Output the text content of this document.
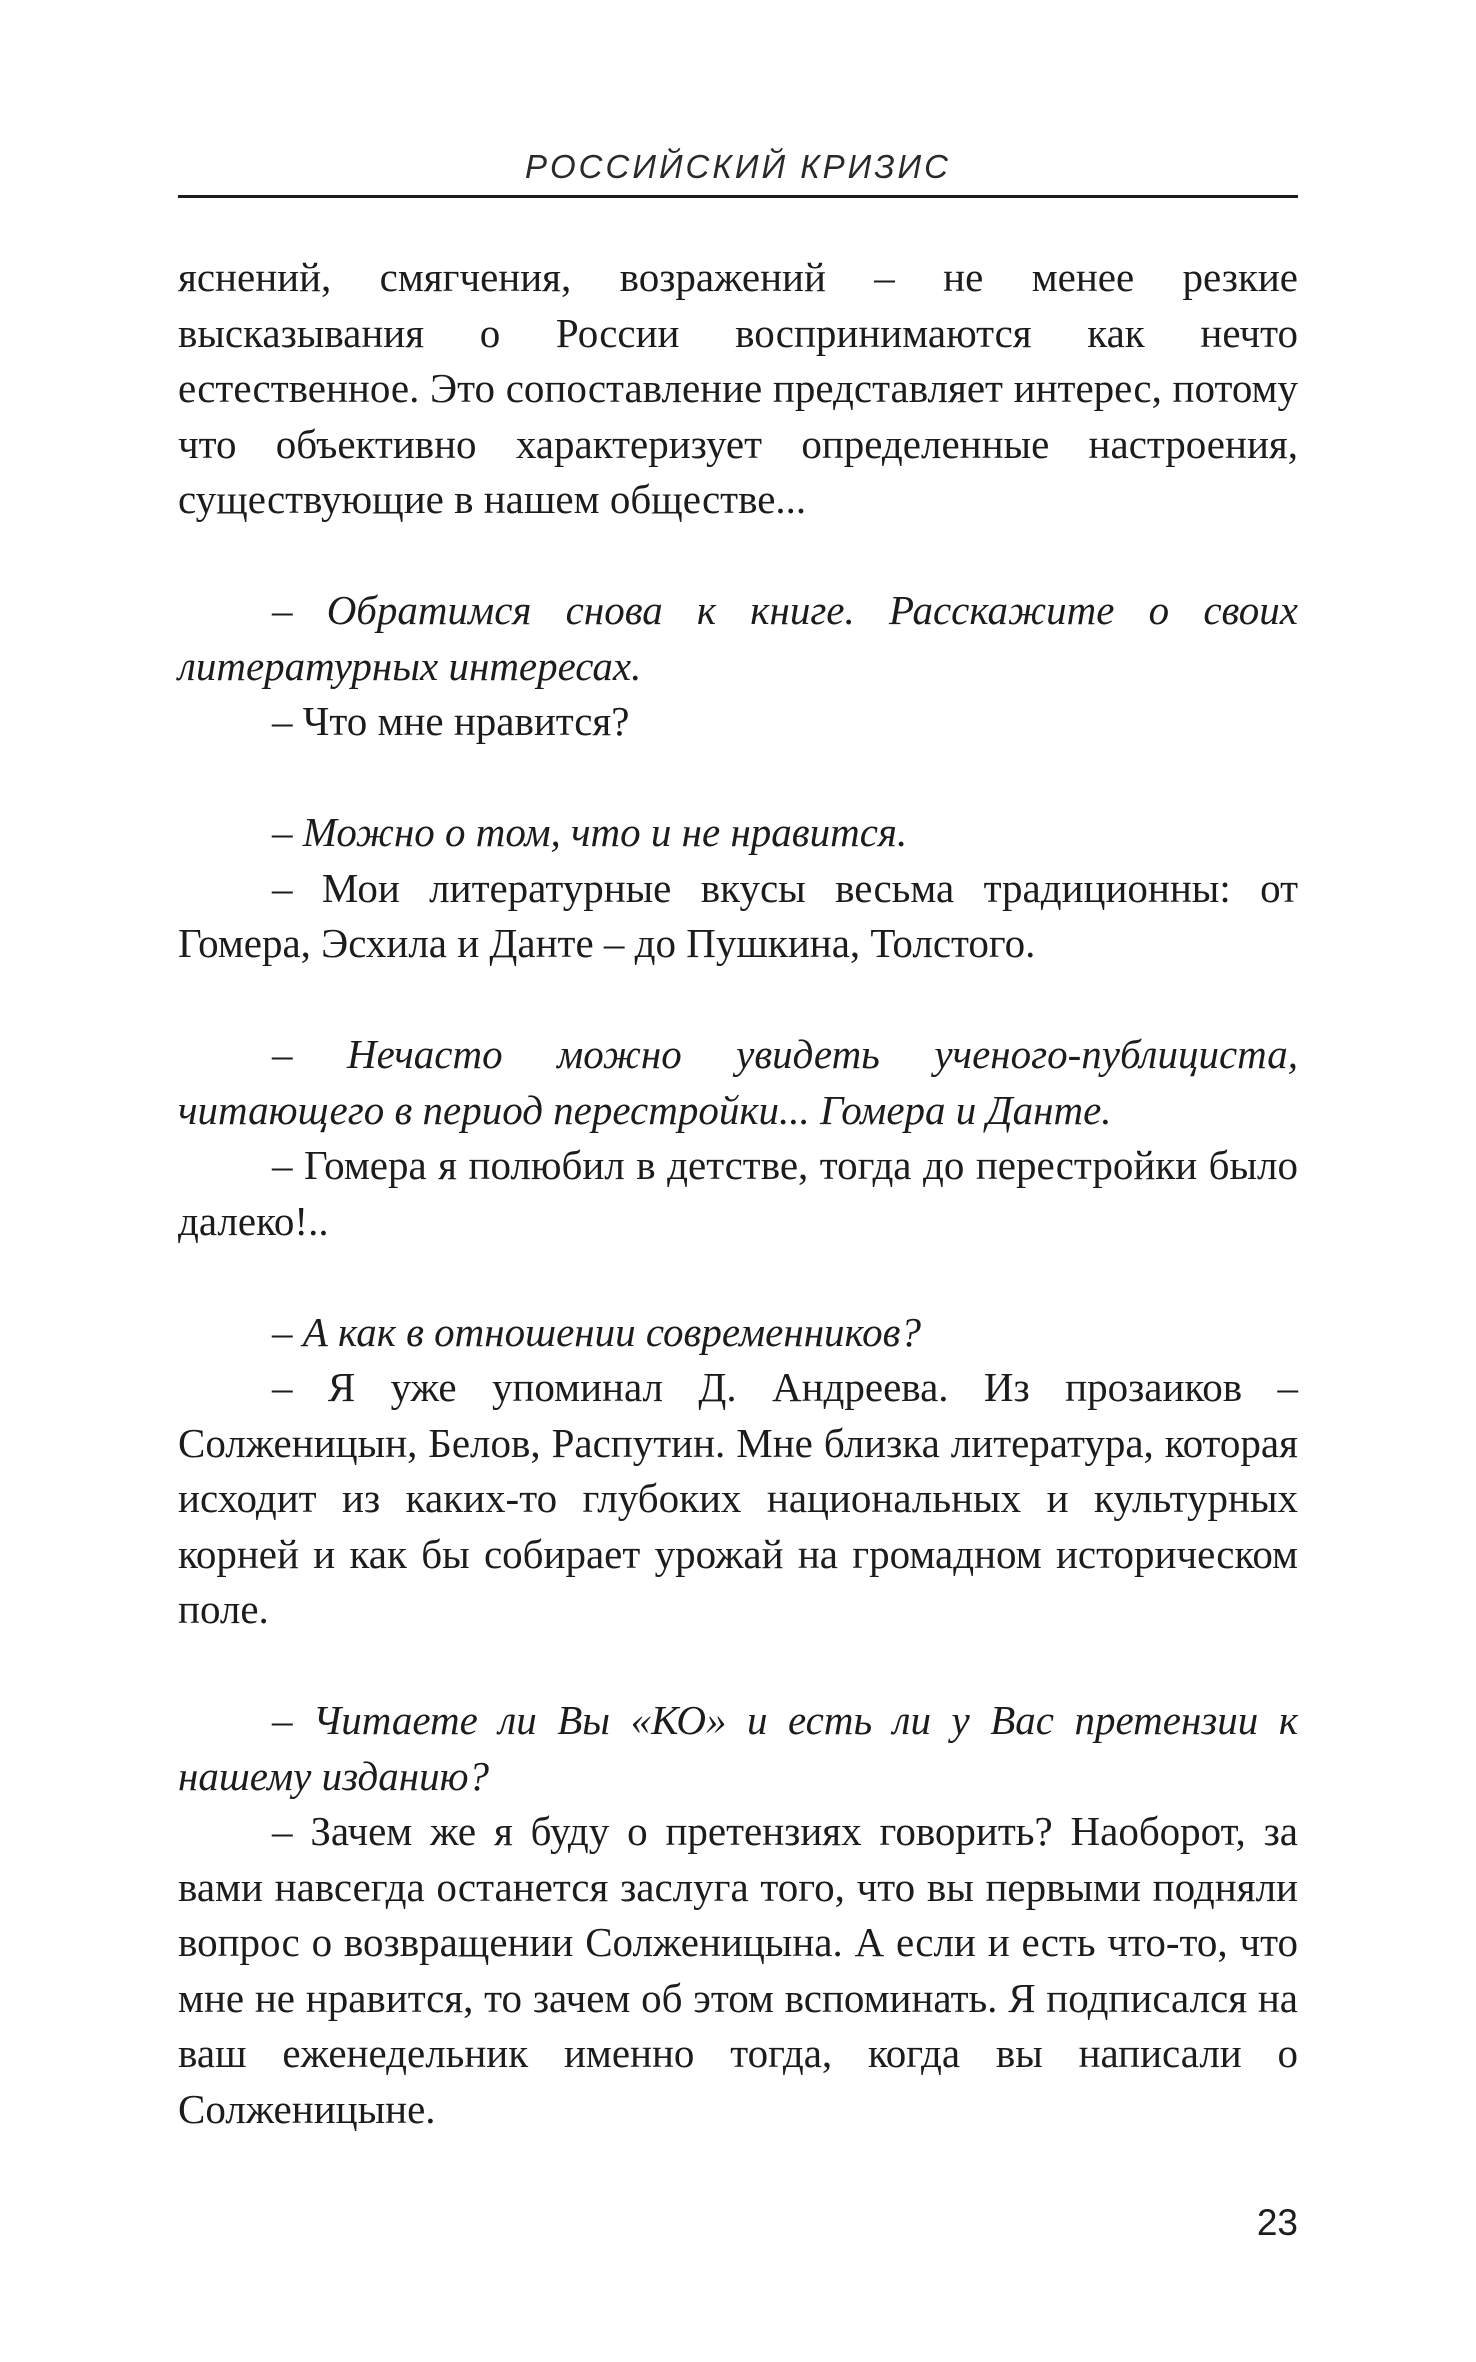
РОССИЙСКИЙ КРИЗИС

яснений, смягчения, возражений – не менее резкие высказывания о России воспринимаются как нечто естественное. Это сопоставление представляет интерес, потому что объективно характеризует определенные настроения, существующие в нашем обществе...

– Обратимся снова к книге. Расскажите о своих литературных интересах.

– Что мне нравится?

– Можно о том, что и не нравится.

– Мои литературные вкусы весьма традиционны: от Гомера, Эсхила и Данте – до Пушкина, Толстого.

– Нечасто можно увидеть ученого-публициста, читающего в период перестройки... Гомера и Данте.

– Гомера я полюбил в детстве, тогда до перестройки было далеко!..

– А как в отношении современников?

– Я уже упоминал Д. Андреева. Из прозаиков – Солженицын, Белов, Распутин. Мне близка литература, которая исходит из каких-то глубоких национальных и культурных корней и как бы собирает урожай на громадном историческом поле.

– Читаете ли Вы «КО» и есть ли у Вас претензии к нашему изданию?

– Зачем же я буду о претензиях говорить? Наоборот, за вами навсегда останется заслуга того, что вы первыми подняли вопрос о возвращении Солженицына. А если и есть что-то, что мне не нравится, то зачем об этом вспоминать. Я подписался на ваш еженедельник именно тогда, когда вы написали о Солженицыне.

23
